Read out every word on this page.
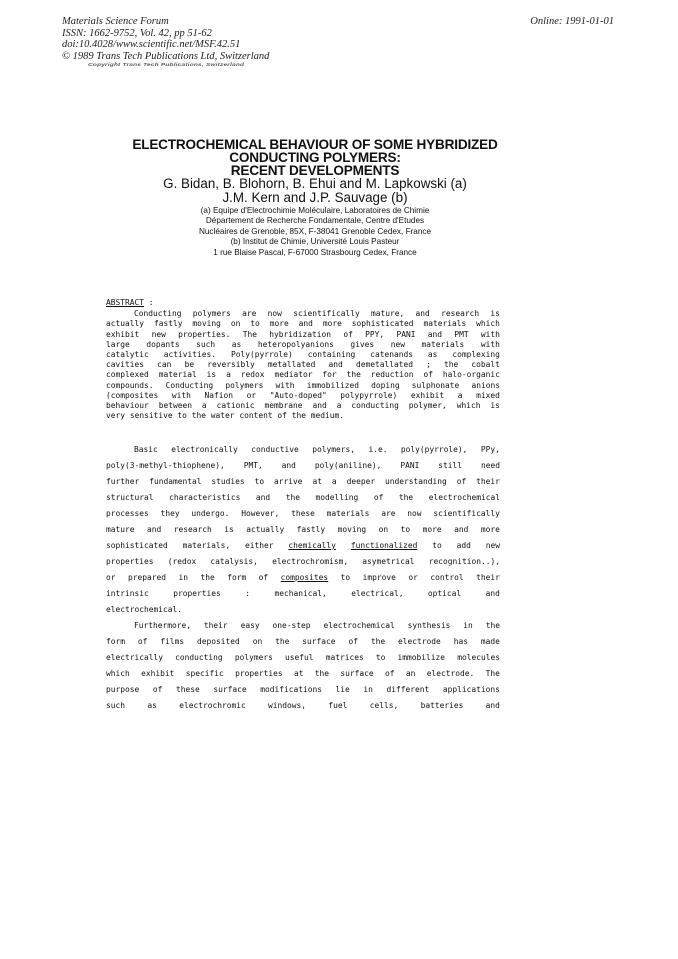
Materials Science Forum
ISSN: 1662-9752, Vol. 42, pp 51-62
doi:10.4028/www.scientific.net/MSF.42.51
© 1989 Trans Tech Publications Ltd, Switzerland
Online: 1991-01-01
Copyright Trans Tech Publications, Switzerland
ELECTROCHEMICAL BEHAVIOUR OF SOME HYBRIDIZED
CONDUCTING POLYMERS:
RECENT DEVELOPMENTS
G. Bidan, B. Blohorn, B. Ehui and M. Lapkowski (a)
J.M. Kern and J.P. Sauvage (b)
(a) Equipe d'Electrochimie Moléculaire, Laboratoires de Chimie
Département de Recherche Fondamentale, Centre d'Etudes
Nucléaires de Grenoble, 85X, F-38041 Grenoble Cedex, France
(b) Institut de Chimie, Université Louis Pasteur
1 rue Blaise Pascal, F-67000 Strasbourg Cedex, France
ABSTRACT :
Conducting polymers are now scientifically mature, and research is
actually fastly moving on to more and more sophisticated materials which
exhibit new properties. The hybridization of PPY, PANI and PMT with
large dopants such as heteropolyanions gives new materials with
catalytic activities. Poly(pyrrole) containing catenands as complexing
cavities can be reversibly metallated and demetallated ; the cobalt
complexed material is a redox mediator for the reduction of halo-organic
compounds. Conducting polymers with immobilized doping sulphonate anions
(composites with Nafion or "Auto-doped" polypyrrole) exhibit a mixed
behaviour between a cationic membrane and a conducting polymer, which is
very sensitive to the water content of the medium.
Basic electronically conductive polymers, i.e. poly(pyrrole), PPy,
poly(3-methyl-thiophene), PMT, and poly(aniline), PANI still need
further fundamental studies to arrive at a deeper understanding of their
structural characteristics and the modelling of the electrochemical
processes they undergo. However, these materials are now scientifically
mature and research is actually fastly moving on to more and more
sophisticated materials, either chemically functionalized to add new
properties (redox catalysis, electrochromism, asymetrical recognition..),
or prepared in the form of composites to improve or control their
intrinsic	properties	:	mechanical,	electrical,	optical	and
electrochemical.
Furthermore, their easy one-step electrochemical synthesis in the
form of films deposited on the surface of the electrode has made
electrically conducting polymers useful matrices to immobilize molecules
which exhibit specific properties at the surface of an electrode. The
purpose of these surface modifications lie in different applications
such	as	electrochromic	windows,	fuel	cells,	batteries	and
